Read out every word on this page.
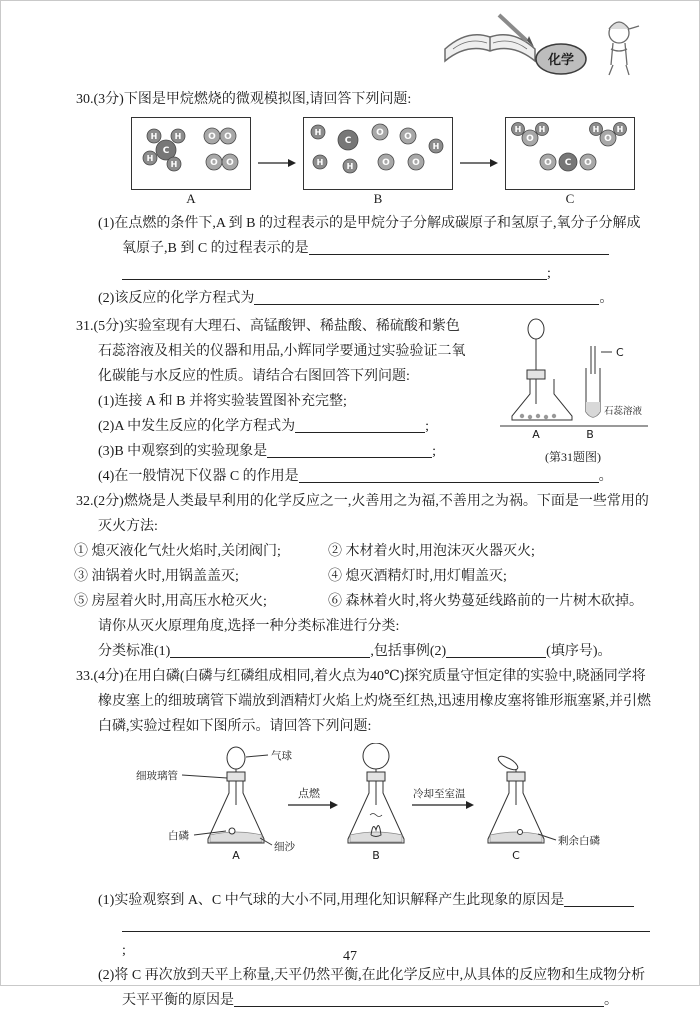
化学

30.(3分)下图是甲烷燃烧的微观模拟图,请回答下列问题:

H H
C
H
H
O O
O O
A
H
C
O O
H
H	H	O O
B
H H
O
H H
O
O C O
C

(1)在点燃的条件下,A 到 B 的过程表示的是甲烷分子分解成碳原子和氢原子,氧分子分解成氧原子,B 到 C 的过程表示的是
;

(2)该反应的化学方程式为	。

C
石蕊溶液
A	B
(第31题图)

31.(5分)实验室现有大理石、高锰酸钾、稀盐酸、稀硫酸和紫色石蕊溶液及相关的仪器和用品,小辉同学要通过实验验证二氧化碳能与水反应的性质。请结合右图回答下列问题:

(1)连接 A 和 B 并将实验装置图补充完整;

(2)A 中发生反应的化学方程式为	;

(3)B 中观察到的实验现象是	;

(4)在一般情况下仪器 C 的作用是	。

32.(2分)燃烧是人类最早利用的化学反应之一,火善用之为福,不善用之为祸。下面是一些常用的灭火方法:

① 熄灭液化气灶火焰时,关闭阀门;	② 木材着火时,用泡沫灭火器灭火;

③ 油锅着火时,用锅盖盖灭;	④ 熄灭酒精灯时,用灯帽盖灭;

⑤ 房屋着火时,用高压水枪灭火;	⑥ 森林着火时,将火势蔓延线路前的一片树木砍掉。

请你从灭火原理角度,选择一种分类标准进行分类:

分类标准(1)	,包括事例(2)	(填序号)。

33.(4分)在用白磷(白磷与红磷组成相同,着火点为40℃)探究质量守恒定律的实验中,晓涵同学将橡皮塞上的细玻璃管下端放到酒精灯火焰上灼烧至红热,迅速用橡皮塞将锥形瓶塞紧,并引燃白磷,实验过程如下图所示。请回答下列问题:

细玻璃管
气球
白磷
细沙
A
点燃
B
冷却至室温
剩余白磷
C

(1)实验观察到 A、C 中气球的大小不同,用理化知识解释产生此现象的原因是
;

(2)将 C 再次放到天平上称量,天平仍然平衡,在此化学反应中,从具体的反应物和生成物分析天平平衡的原因是	。

47
